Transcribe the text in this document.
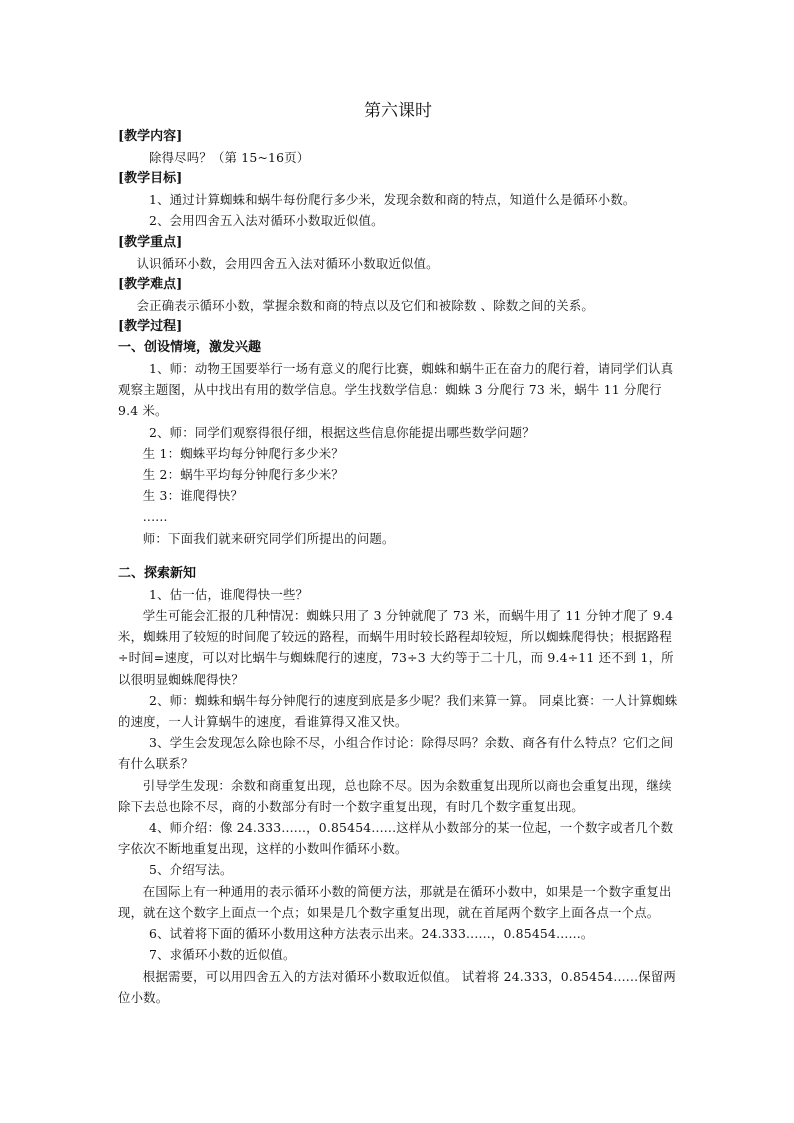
第六课时

[教学内容]

除得尽吗？（第 15~16页）

[教学目标]

1、通过计算蜘蛛和蜗牛每份爬行多少米，发现余数和商的特点，知道什么是循环小数。

2、会用四舍五入法对循环小数取近似值。

[教学重点]

认识循环小数，会用四舍五入法对循环小数取近似值。

[教学难点]

会正确表示循环小数，掌握余数和商的特点以及它们和被除数 、除数之间的关系。

[教学过程]

一、创设情境，激发兴趣

1、师：动物王国要举行一场有意义的爬行比赛，蜘蛛和蜗牛正在奋力的爬行着，请同学们认真观察主题图，从中找出有用的数学信息。学生找数学信息：蜘蛛 3 分爬行 73 米，蜗牛 11 分爬行 9.4 米。

2、师：同学们观察得很仔细，根据这些信息你能提出哪些数学问题？

生 1：蜘蛛平均每分钟爬行多少米？

生 2：蜗牛平均每分钟爬行多少米？

生 3：谁爬得快？

......

师：下面我们就来研究同学们所提出的问题。

二、探索新知

1、估一估，谁爬得快一些？

学生可能会汇报的几种情况：蜘蛛只用了 3 分钟就爬了 73 米，而蜗牛用了 11 分钟才爬了 9.4 米，蜘蛛用了较短的时间爬了较远的路程，而蜗牛用时较长路程却较短，所以蜘蛛爬得快；根据路程÷时间=速度，可以对比蜗牛与蜘蛛爬行的速度，73÷3 大约等于二十几，而 9.4÷11 还不到 1，所以很明显蜘蛛爬得快？

2、师：蜘蛛和蜗牛每分钟爬行的速度到底是多少呢？我们来算一算。 同桌比赛：一人计算蜘蛛的速度，一人计算蜗牛的速度，看谁算得又准又快。

3、学生会发现怎么除也除不尽，小组合作讨论：除得尽吗？余数、商各有什么特点？它们之间有什么联系？

引导学生发现：余数和商重复出现，总也除不尽。因为余数重复出现所以商也会重复出现，继续除下去总也除不尽，商的小数部分有时一个数字重复出现，有时几个数字重复出现。

4、师介绍：像 24.333......，0.85454......这样从小数部分的某一位起，一个数字或者几个数字依次不断地重复出现，这样的小数叫作循环小数。

5、介绍写法。

在国际上有一种通用的表示循环小数的简便方法，那就是在循环小数中，如果是一个数字重复出现，就在这个数字上面点一个点；如果是几个数字重复出现，就在首尾两个数字上面各点一个点。

6、试着将下面的循环小数用这种方法表示出来。24.333......，0.85454......。

7、求循环小数的近似值。

根据需要，可以用四舍五入的方法对循环小数取近似值。 试着将 24.333，0.85454......保留两位小数。
